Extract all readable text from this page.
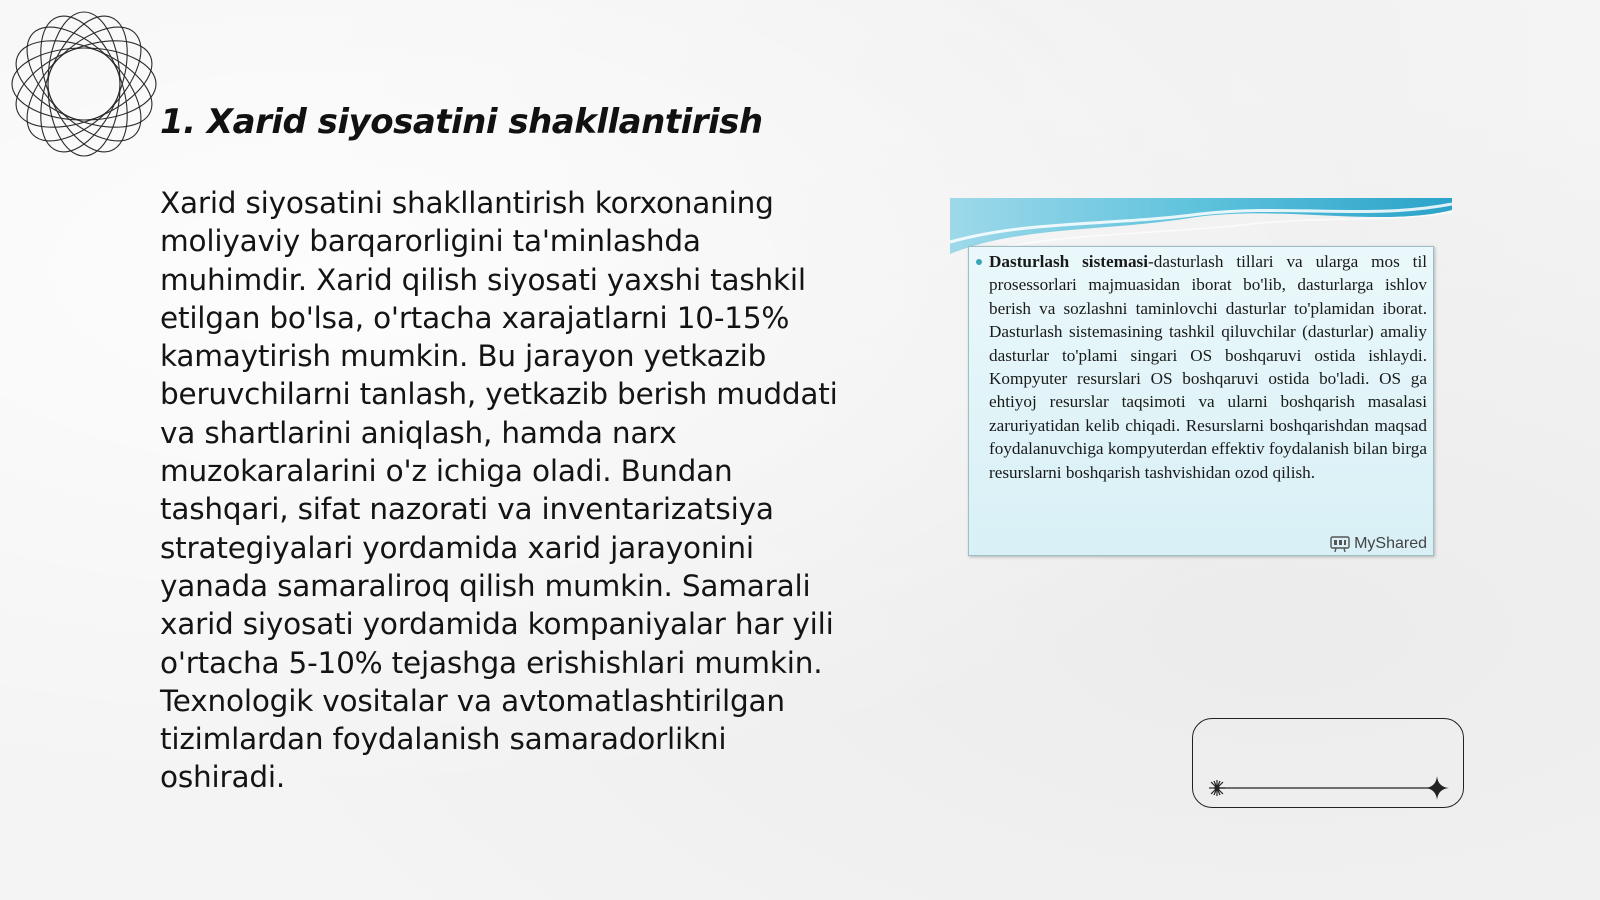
1. Xarid siyosatini shakllantirish

Xarid siyosatini shakllantirish korxonaning moliyaviy barqarorligini ta'minlashda muhimdir. Xarid qilish siyosati yaxshi tashkil etilgan bo'lsa, o'rtacha xarajatlarni 10-15% kamaytirish mumkin. Bu jarayon yetkazib beruvchilarni tanlash, yetkazib berish muddati va shartlarini aniqlash, hamda narx muzokaralarini o'z ichiga oladi. Bundan tashqari, sifat nazorati va inventarizatsiya strategiyalari yordamida xarid jarayonini yanada samaraliroq qilish mumkin. Samarali xarid siyosati yordamida kompaniyalar har yili o'rtacha 5-10% tejashga erishishlari mumkin. Texnologik vositalar va avtomatlashtirilgan tizimlardan foydalanish samaradorlikni oshiradi.

Dasturlash sistemasi-dasturlash tillari va ularga mos til prosessorlari majmuasidan iborat bo'lib, dasturlarga ishlov berish va sozlashni taminlovchi dasturlar to'plamidan iborat. Dasturlash sistemasining tashkil qiluvchilar (dasturlar) amaliy dasturlar to'plami singari OS boshqaruvi ostida ishlaydi. Kompyuter resurslari OS boshqaruvi ostida bo'ladi. OS ga ehtiyoj resurslar taqsimoti va ularni boshqarish masalasi zaruriyatidan kelib chiqadi. Resurslarni boshqarishdan maqsad foydalanuvchiga kompyuterdan effektiv foydalanish bilan birga resurslarni boshqarish tashvishidan ozod qilish.

MyShared
